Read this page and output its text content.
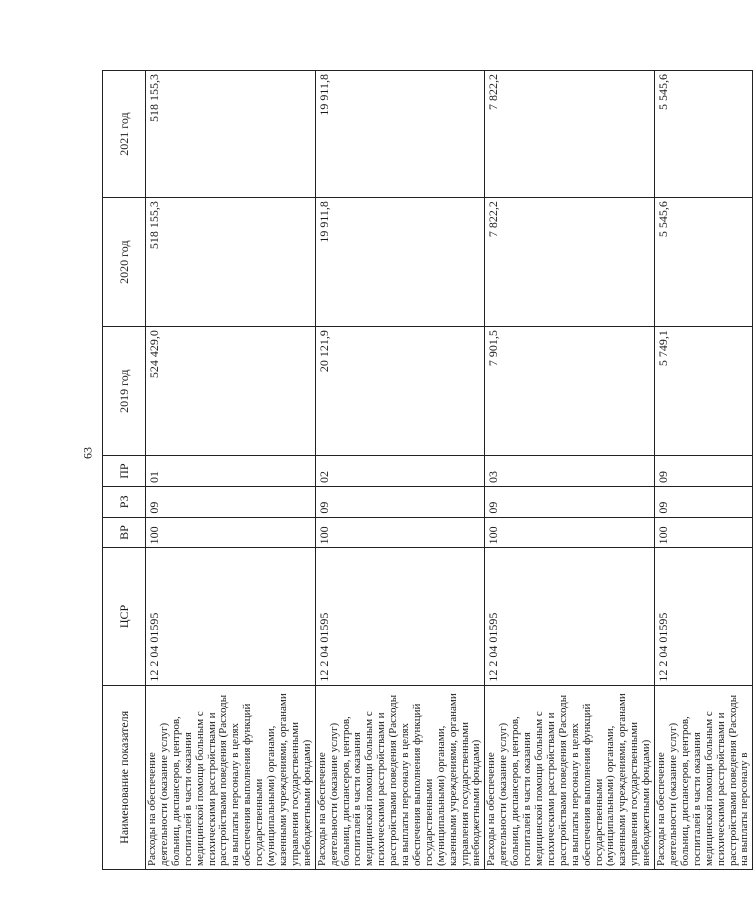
63
Наименование показателя	ЦСР	ВР	РЗ	ПР	2019 год	2020 год	2021 год
Расходы на обеспечение деятельности (оказание услуг) больниц, диспансеров, центров, госпиталей в части оказания медицинской помощи больным с психическими расстройствами и расстройствами поведения (Расходы на выплаты персоналу в целях обеспечения выполнения функций государственными (муниципальными) органами, казенными учреждениями, органами управления государственными внебюджетными фондами)	12 2 04 01595	100	09	01	524 429,0	518 155,3	518 155,3
Расходы на обеспечение деятельности (оказание услуг) больниц, диспансеров, центров, госпиталей в части оказания медицинской помощи больным с психическими расстройствами и расстройствами поведения (Расходы на выплаты персоналу в целях обеспечения выполнения функций государственными (муниципальными) органами, казенными учреждениями, органами управления государственными внебюджетными фондами)	12 2 04 01595	100	09	02	20 121,9	19 911,8	19 911,8
Расходы на обеспечение деятельности (оказание услуг) больниц, диспансеров, центров, госпиталей в части оказания медицинской помощи больным с психическими расстройствами и расстройствами поведения (Расходы на выплаты персоналу в целях обеспечения выполнения функций государственными (муниципальными) органами, казенными учреждениями, органами управления государственными внебюджетными фондами)	12 2 04 01595	100	09	03	7 901,5	7 822,2	7 822,2
Расходы на обеспечение деятельности (оказание услуг) больниц, диспансеров, центров, госпиталей в части оказания медицинской помощи больным с психическими расстройствами и расстройствами поведения (Расходы на выплаты персоналу в	12 2 04 01595	100	09	09	5 749,1	5 545,6	5 545,6
